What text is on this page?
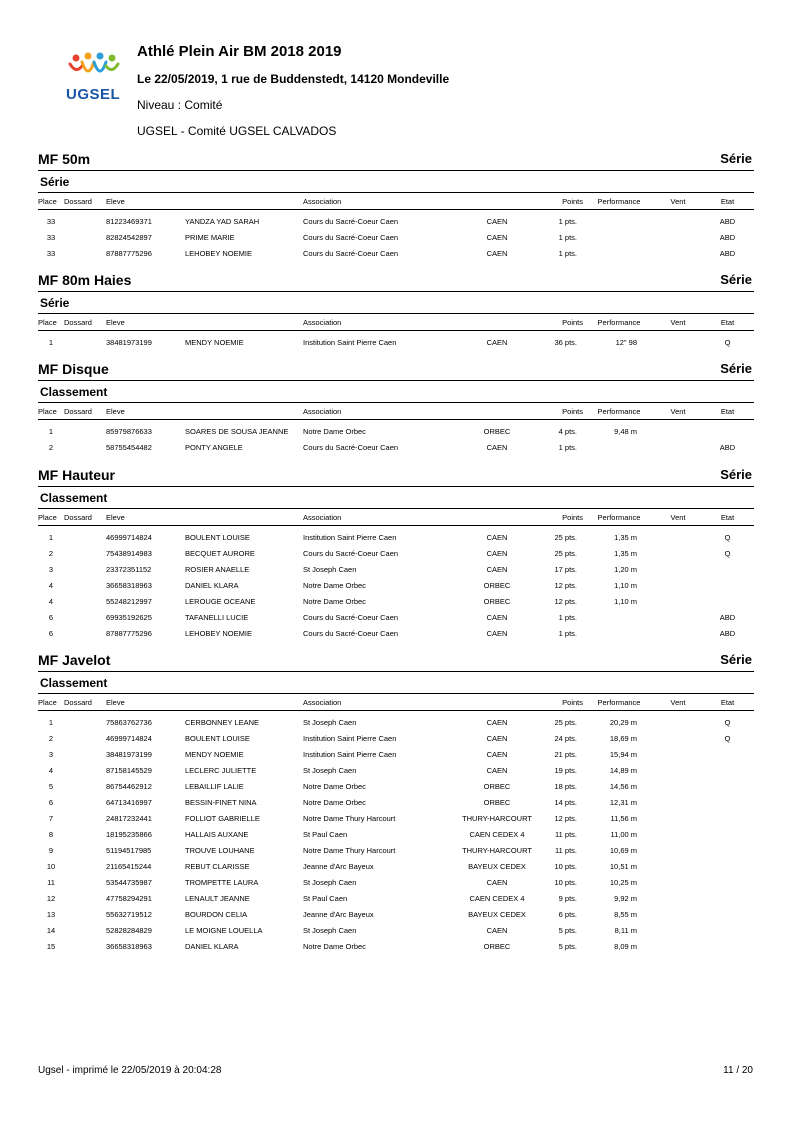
UGSEL
Athlé Plein Air BM 2018 2019
Le 22/05/2019, 1 rue de Buddenstedt, 14120 Mondeville
Niveau : Comité
UGSEL - Comité UGSEL CALVADOS
MF 50m	Série
Série
Place	Dossard	Eleve		Association		Points	Performance	Vent	Etat
33		81223469371	YANDZA YAD SARAH	Cours du Sacré-Coeur Caen	CAEN	1 pts.			ABD
33		82824542897	PRIME MARIE	Cours du Sacré-Coeur Caen	CAEN	1 pts.			ABD
33		87887775296	LEHOBEY NOEMIE	Cours du Sacré-Coeur Caen	CAEN	1 pts.			ABD
MF 80m Haies	Série
Série
Place	Dossard	Eleve		Association		Points	Performance	Vent	Etat
1		38481973199	MENDY NOEMIE	Institution Saint Pierre Caen	CAEN	36 pts.	12" 98		Q
MF Disque	Série
Classement
Place	Dossard	Eleve		Association		Points	Performance	Vent	Etat
1		85979876633	SOARES DE SOUSA JEANNE	Notre Dame Orbec	ORBEC	4 pts.	9,48 m		
2		58755454482	PONTY ANGELE	Cours du Sacré-Coeur Caen	CAEN	1 pts.			ABD
MF Hauteur	Série
Classement
Place	Dossard	Eleve		Association		Points	Performance	Vent	Etat
1		46999714824	BOULENT LOUISE	Institution Saint Pierre Caen	CAEN	25 pts.	1,35 m		Q
2		75438914983	BECQUET AURORE	Cours du Sacré-Coeur Caen	CAEN	25 pts.	1,35 m		Q
3		23372351152	ROSIER ANAELLE	St Joseph Caen	CAEN	17 pts.	1,20 m		
4		36658318963	DANIEL KLARA	Notre Dame Orbec	ORBEC	12 pts.	1,10 m		
4		55248212997	LEROUGE OCEANE	Notre Dame Orbec	ORBEC	12 pts.	1,10 m		
6		69935192625	TAFANELLI LUCIE	Cours du Sacré-Coeur Caen	CAEN	1 pts.			ABD
6		87887775296	LEHOBEY NOEMIE	Cours du Sacré-Coeur Caen	CAEN	1 pts.			ABD
MF Javelot	Série
Classement
Place	Dossard	Eleve		Association		Points	Performance	Vent	Etat
1		75863762736	CERBONNEY LEANE	St Joseph Caen	CAEN	25 pts.	20,29 m		Q
2		46999714824	BOULENT LOUISE	Institution Saint Pierre Caen	CAEN	24 pts.	18,69 m		Q
3		38481973199	MENDY NOEMIE	Institution Saint Pierre Caen	CAEN	21 pts.	15,94 m		
4		87158145529	LECLERC JULIETTE	St Joseph Caen	CAEN	19 pts.	14,89 m		
5		86754462912	LEBAILLIF LALIE	Notre Dame Orbec	ORBEC	18 pts.	14,56 m		
6		64713416997	BESSIN-FINET NINA	Notre Dame Orbec	ORBEC	14 pts.	12,31 m		
7		24817232441	FOLLIOT GABRIELLE	Notre Dame Thury Harcourt	THURY-HARCOURT	12 pts.	11,56 m		
8		18195235866	HALLAIS AUXANE	St Paul Caen	CAEN CEDEX 4	11 pts.	11,00 m		
9		51194517985	TROUVE LOUHANE	Notre Dame Thury Harcourt	THURY-HARCOURT	11 pts.	10,69 m		
10		21165415244	REBUT CLARISSE	Jeanne d'Arc Bayeux	BAYEUX CEDEX	10 pts.	10,51 m		
11		53544735987	TROMPETTE LAURA	St Joseph Caen	CAEN	10 pts.	10,25 m		
12		47758294291	LENAULT JEANNE	St Paul Caen	CAEN CEDEX 4	9 pts.	9,92 m		
13		55632719512	BOURDON CELIA	Jeanne d'Arc Bayeux	BAYEUX CEDEX	6 pts.	8,55 m		
14		52828284829	LE MOIGNE LOUELLA	St Joseph Caen	CAEN	5 pts.	8,11 m		
15		36658318963	DANIEL KLARA	Notre Dame Orbec	ORBEC	5 pts.	8,09 m		
Ugsel - imprimé le 22/05/2019 à 20:04:28	11 / 20
